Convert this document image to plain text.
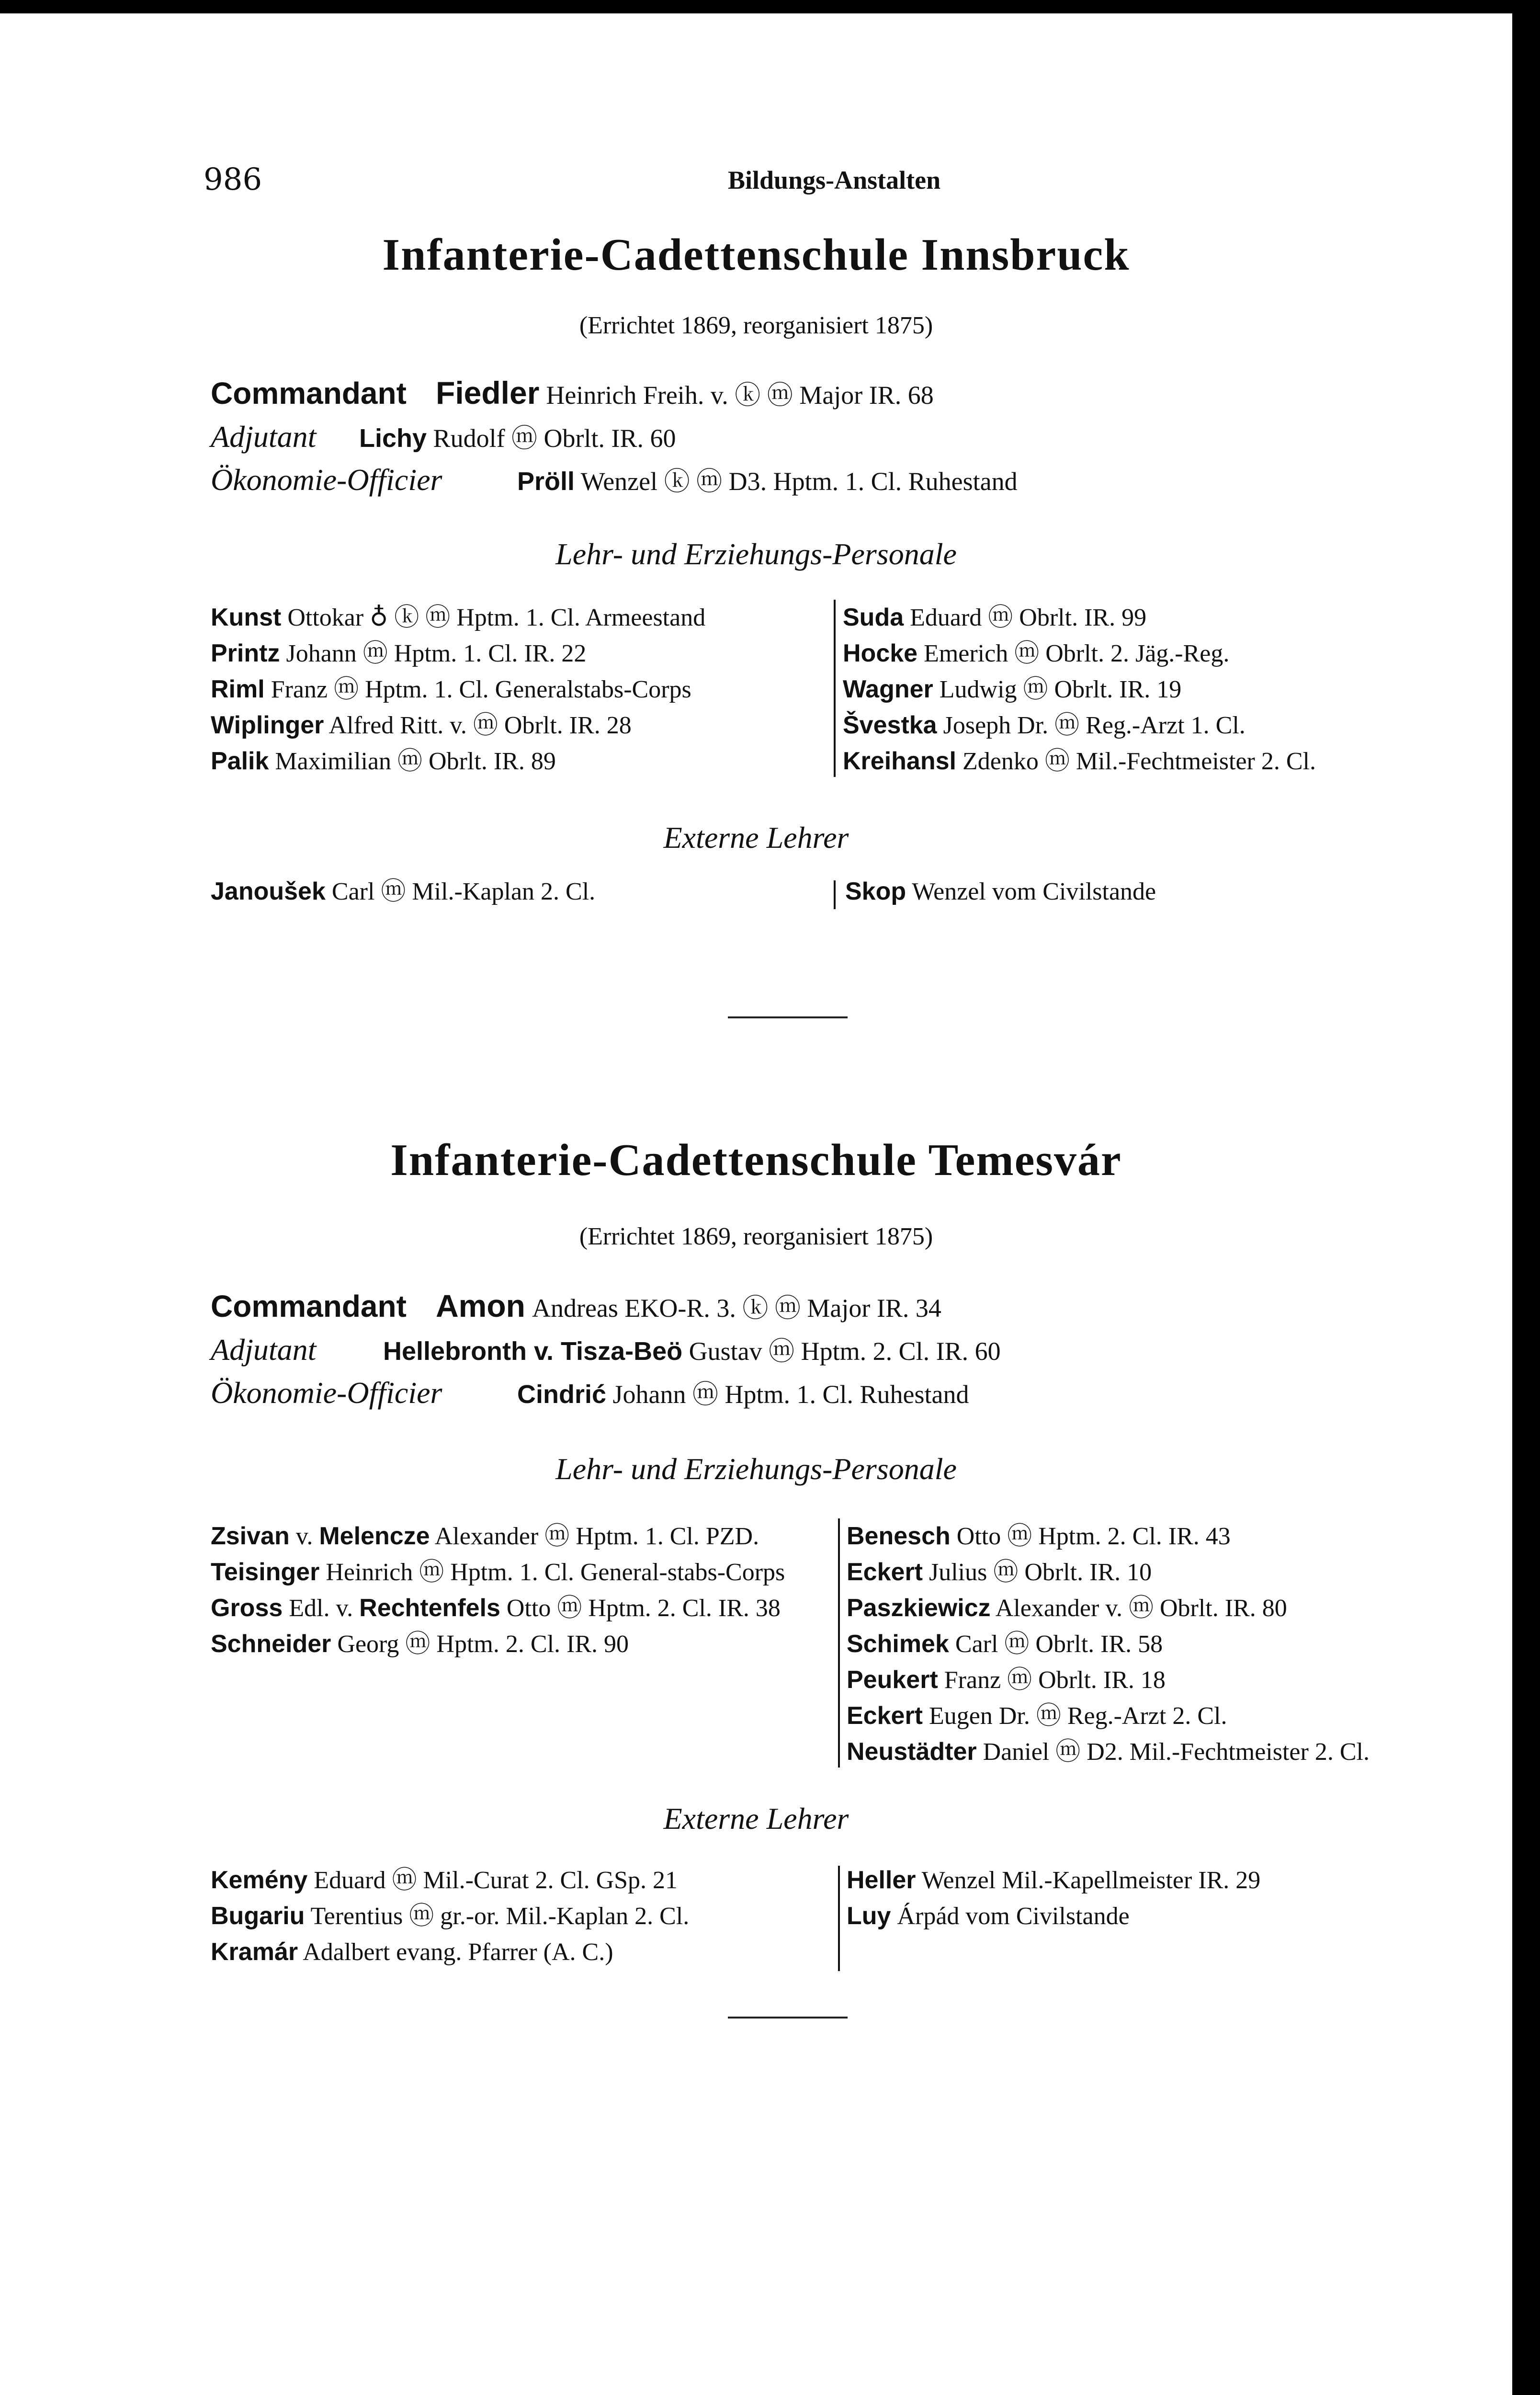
986	Bildungs-Anstalten
Infanterie-Cadettenschule Innsbruck
(Errichtet 1869, reorganisiert 1875)
Commandant Fiedler Heinrich Freih. v. ⓚ ⓜ Major IR. 68
Adjutant Lichy Rudolf ⓜ Obrlt. IR. 60
Ökonomie-Officier	Pröll Wenzel ⓚ ⓜ D3. Hptm. 1. Cl. Ruhestand
Lehr- und Erziehungs-Personale
Kunst Ottokar ♁ ⓚ ⓜ Hptm. 1. Cl. Armeestand
Printz Johann ⓜ Hptm. 1. Cl. IR. 22
Riml Franz ⓜ Hptm. 1. Cl. Generalstabs-Corps
Wiplinger Alfred Ritt. v. ⓜ Obrlt. IR. 28
Palik Maximilian ⓜ Obrlt. IR. 89
Suda Eduard ⓜ Obrlt. IR. 99
Hocke Emerich ⓜ Obrlt. 2. Jäg.-Reg.
Wagner Ludwig ⓜ Obrlt. IR. 19
Švestka Joseph Dr. ⓜ Reg.-Arzt 1. Cl.
Kreihansl Zdenko ⓜ Mil.-Fechtmeister 2. Cl.
Externe Lehrer
Janoušek Carl ⓜ Mil.-Kaplan 2. Cl.	Skop Wenzel vom Civilstande
Infanterie-Cadettenschule Temesvár
(Errichtet 1869, reorganisiert 1875)
Commandant Amon Andreas EKO-R. 3. ⓚ ⓜ Major IR. 34
Adjutant	Hellebronth v. Tisza-Beö Gustav ⓜ Hptm. 2. Cl. IR. 60
Ökonomie-Officier	Cindrić Johann ⓜ Hptm. 1. Cl. Ruhestand
Lehr- und Erziehungs-Personale
Zsivan v. Melencze Alexander ⓜ Hptm. 1. Cl. PZD.
Teisinger Heinrich ⓜ Hptm. 1. Cl. General-stabs-Corps
Gross Edl. v. Rechtenfels Otto ⓜ Hptm. 2. Cl. IR. 38
Schneider Georg ⓜ Hptm. 2. Cl. IR. 90
Benesch Otto ⓜ Hptm. 2. Cl. IR. 43
Eckert Julius ⓜ Obrlt. IR. 10
Paszkiewicz Alexander v. ⓜ Obrlt. IR. 80
Schimek Carl ⓜ Obrlt. IR. 58
Peukert Franz ⓜ Obrlt. IR. 18
Eckert Eugen Dr. ⓜ Reg.-Arzt 2. Cl.
Neustädter Daniel ⓜ D2. Mil.-Fechtmeister 2. Cl.
Externe Lehrer
Kemény Eduard ⓜ Mil.-Curat 2. Cl. GSp. 21
Bugariu Terentius ⓜ gr.-or. Mil.-Kaplan 2. Cl.
Kramár Adalbert evang. Pfarrer (A. C.)
Heller Wenzel Mil.-Kapellmeister IR. 29
Luy Árpád vom Civilstande
